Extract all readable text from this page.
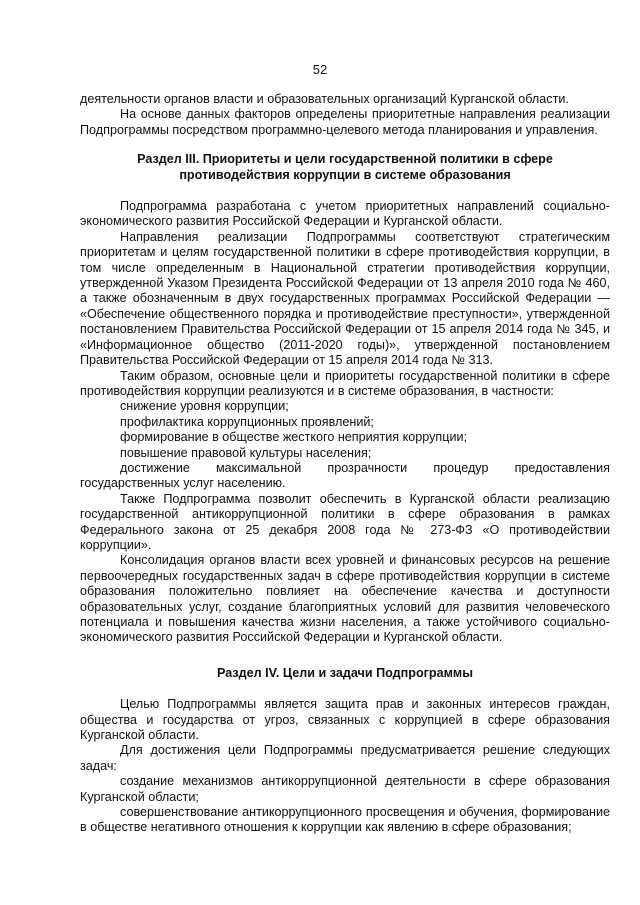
52

деятельности органов власти и образовательных организаций Курганской области.

На основе данных факторов определены приоритетные направления реализации Подпрограммы посредством программно-целевого метода планирования и управления.

Раздел III. Приоритеты и цели государственной политики в сфере
противодействия коррупции в системе образования

Подпрограмма разработана с учетом приоритетных направлений социально-экономического развития Российской Федерации и Курганской области.

Направления реализации Подпрограммы соответствуют стратегическим приоритетам и целям государственной политики в сфере противодействия коррупции, в том числе определенным в Национальной стратегии противодействия коррупции, утвержденной Указом Президента Российской Федерации от 13 апреля 2010 года № 460, а также обозначенным в двух государственных программах Российской Федерации — «Обеспечение общественного порядка и противодействие преступности», утвержденной постановлением Правительства Российской Федерации от 15 апреля 2014 года № 345, и «Информационное общество (2011-2020 годы)», утвержденной постановлением Правительства Российской Федерации от 15 апреля 2014 года № 313.

Таким образом, основные цели и приоритеты государственной политики в сфере противодействия коррупции реализуются и в системе образования, в частности:

снижение уровня коррупции;

профилактика коррупционных проявлений;

формирование в обществе жесткого неприятия коррупции;

повышение правовой культуры населения;

достижение максимальной прозрачности процедур предоставления государственных услуг населению.

Также Подпрограмма позволит обеспечить в Курганской области реализацию государственной антикоррупционной политики в сфере образования в рамках Федерального закона от 25 декабря 2008 года № 273-ФЗ «О противодействии коррупции».

Консолидация органов власти всех уровней и финансовых ресурсов на решение первоочередных государственных задач в сфере противодействия коррупции в системе образования положительно повлияет на обеспечение качества и доступности образовательных услуг, создание благоприятных условий для развития человеческого потенциала и повышения качества жизни населения, а также устойчивого социально-экономического развития Российской Федерации и Курганской области.

Раздел IV. Цели и задачи Подпрограммы

Целью Подпрограммы является защита прав и законных интересов граждан, общества и государства от угроз, связанных с коррупцией в сфере образования Курганской области.

Для достижения цели Подпрограммы предусматривается решение следующих задач:

создание механизмов антикоррупционной деятельности в сфере образования Курганской области;

совершенствование антикоррупционного просвещения и обучения, формирование в обществе негативного отношения к коррупции как явлению в сфере образования;
